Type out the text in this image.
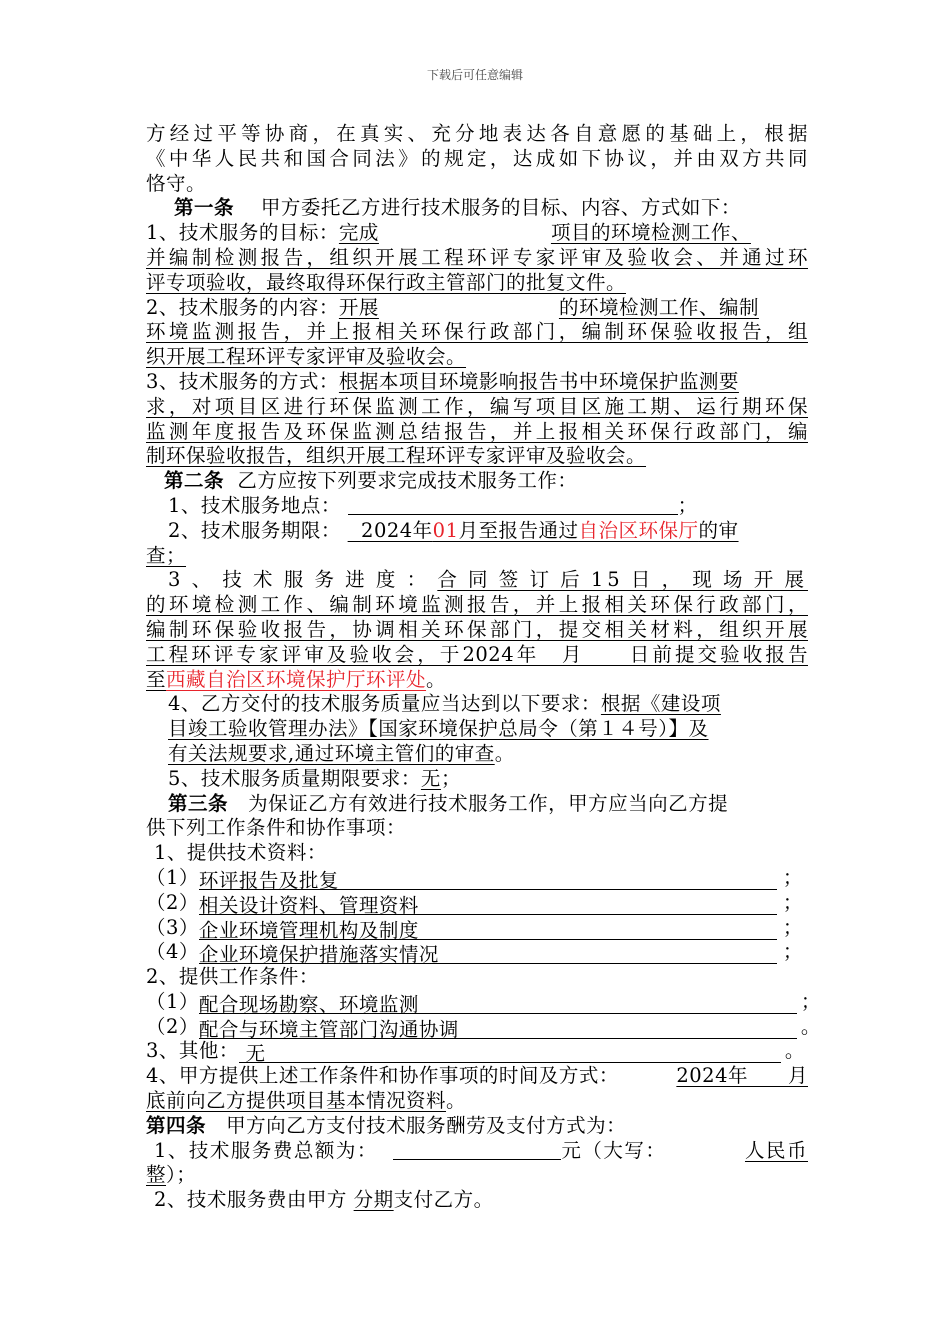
下载后可任意编辑
方经过平等协商，在真实、充分地表达各自意愿的基础上，根据
《中华人民共和国合同法》的规定，达成如下协议，并由双方共同
恪守。
第一条 甲方委托乙方进行技术服务的目标、内容、方式如下：
1、技术服务的目标：完成	项目的环境检测工作、
并编制检测报告，组织开展工程环评专家评审及验收会、并通过环
评专项验收，最终取得环保行政主管部门的批复文件。
2、技术服务的内容：开展	的环境检测工作、编制
环境监测报告，并上报相关环保行政部门，编制环保验收报告，组
织开展工程环评专家评审及验收会。
3、技术服务的方式：根据本项目环境影响报告书中环境保护监测要
求，对项目区进行环保监测工作，编写项目区施工期、运行期环保
监测年度报告及环保监测总结报告，并上报相关环保行政部门，编
制环保验收报告，组织开展工程环评专家评审及验收会。
第二条 乙方应按下列要求完成技术服务工作：
1、技术服务地点：	；
2、技术服务期限： 2024年01月至报告通过自治区环保厅的审
查；
3、技术服务进度：合同签订后15日，现场开展
的环境检测工作、编制环境监测报告，并上报相关环保行政部门，
编制环保验收报告，协调相关环保部门，提交相关材料，组织开展
工程环评专家评审及验收会，于2024年　月　　日前提交验收报告
至西藏自治区环境保护厅环评处。
4、乙方交付的技术服务质量应当达到以下要求：根据《建设项
目竣工验收管理办法》【国家环境保护总局令（第１４号）】及
有关法规要求,通过环境主管们的审查。
5、技术服务质量期限要求：无；
第三条 为保证乙方有效进行技术服务工作，甲方应当向乙方提
供下列工作条件和协作事项：
1、提供技术资料：
（1）环评报告及批复	；
（2）相关设计资料、管理资料	；
（3）企业环境管理机构及制度	；
（4）企业环境保护措施落实情况	；
2、提供工作条件：
（1）配合现场勘察、环境监测	；
（2）配合与环境主管部门沟通协调	。
3、其他： 无	。
4、甲方提供上述工作条件和协作事项的时间及方式：	2024年　　月
底前向乙方提供项目基本情况资料。
第四条 甲方向乙方支付技术服务酬劳及支付方式为：
1、技术服务费总额为：	元（大写：	人民币
整）；
2、技术服务费由甲方 分期支付乙方。
